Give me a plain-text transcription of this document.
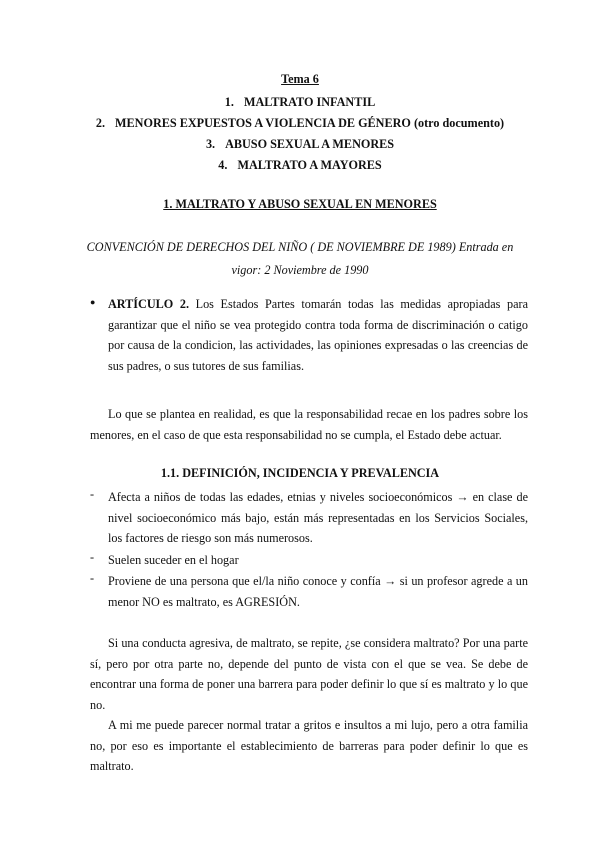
Tema 6
1. MALTRATO INFANTIL
2. MENORES EXPUESTOS A VIOLENCIA DE GÉNERO (otro documento)
3. ABUSO SEXUAL A MENORES
4. MALTRATO A MAYORES
1. MALTRATO Y ABUSO SEXUAL EN MENORES
CONVENCIÓN DE DERECHOS DEL NIÑO ( DE NOVIEMBRE DE 1989) Entrada en vigor: 2 Noviembre de 1990
● ARTÍCULO 2. Los Estados Partes tomarán todas las medidas apropiadas para garantizar que el niño se vea protegido contra toda forma de discriminación o catigo por causa de la condicion, las actividades, las opiniones expresadas o las creencias de sus padres, o sus tutores de sus familias.
Lo que se plantea en realidad, es que la responsabilidad recae en los padres sobre los menores, en el caso de que esta responsabilidad no se cumpla, el Estado debe actuar.
1.1. DEFINICIÓN, INCIDENCIA Y PREVALENCIA
- Afecta a niños de todas las edades, etnias y niveles socioeconómicos → en clase de nivel socioeconómico más bajo, están más representadas en los Servicios Sociales, los factores de riesgo son más numerosos.
- Suelen suceder en el hogar
- Proviene de una persona que el/la niño conoce y confía → si un profesor agrede a un menor NO es maltrato, es AGRESIÓN.
Si una conducta agresiva, de maltrato, se repite, ¿se considera maltrato? Por una parte sí, pero por otra parte no, depende del punto de vista con el que se vea. Se debe de encontrar una forma de poner una barrera para poder definir lo que sí es maltrato y lo que no.
A mi me puede parecer normal tratar a gritos e insultos a mi lujo, pero a otra familia no, por eso es importante el establecimiento de barreras para poder definir lo que es maltrato.
